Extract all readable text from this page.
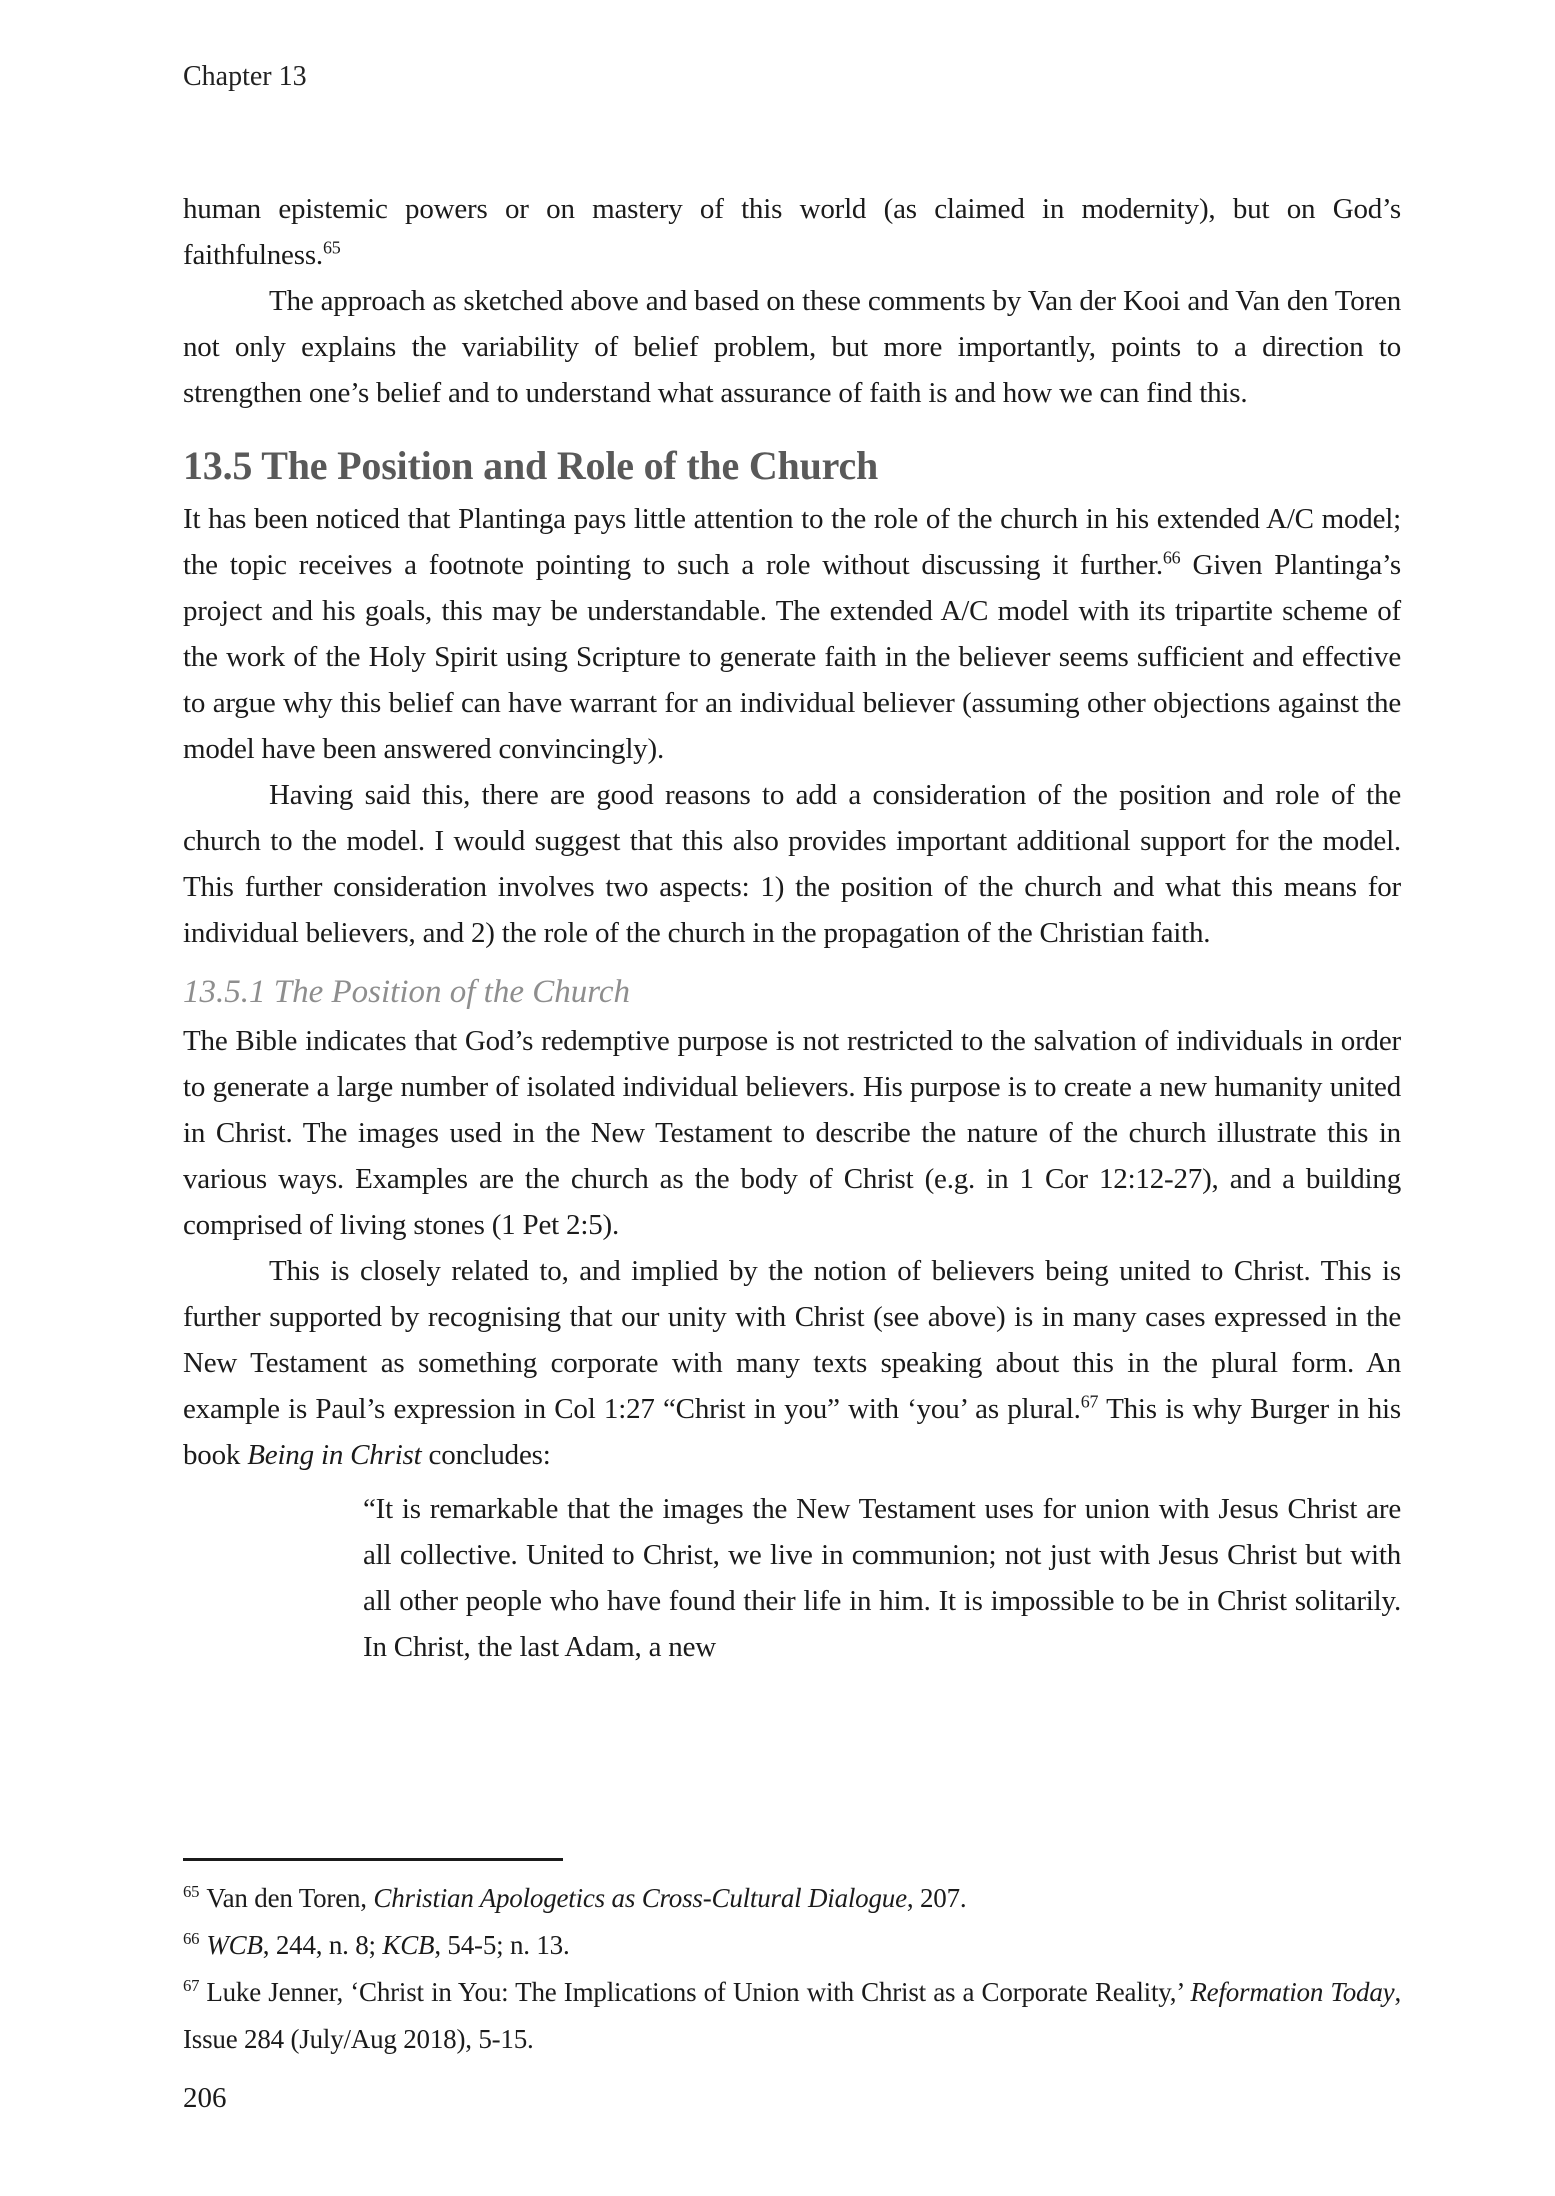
Chapter 13

human epistemic powers or on mastery of this world (as claimed in modernity), but on God’s faithfulness.$^{65}$

The approach as sketched above and based on these comments by Van der Kooi and Van den Toren not only explains the variability of belief problem, but more importantly, points to a direction to strengthen one’s belief and to understand what assurance of faith is and how we can find this.

13.5 The Position and Role of the Church

It has been noticed that Plantinga pays little attention to the role of the church in his extended A/C model; the topic receives a footnote pointing to such a role without discussing it further.$^{66}$ Given Plantinga’s project and his goals, this may be understandable. The extended A/C model with its tripartite scheme of the work of the Holy Spirit using Scripture to generate faith in the believer seems sufficient and effective to argue why this belief can have warrant for an individual believer (assuming other objections against the model have been answered convincingly).

Having said this, there are good reasons to add a consideration of the position and role of the church to the model. I would suggest that this also provides important additional support for the model. This further consideration involves two aspects: 1) the position of the church and what this means for individual believers, and 2) the role of the church in the propagation of the Christian faith.

13.5.1 The Position of the Church

The Bible indicates that God’s redemptive purpose is not restricted to the salvation of individuals in order to generate a large number of isolated individual believers. His purpose is to create a new humanity united in Christ. The images used in the New Testament to describe the nature of the church illustrate this in various ways. Examples are the church as the body of Christ (e.g. in 1 Cor 12:12-27), and a building comprised of living stones (1 Pet 2:5).

This is closely related to, and implied by the notion of believers being united to Christ. This is further supported by recognising that our unity with Christ (see above) is in many cases expressed in the New Testament as something corporate with many texts speaking about this in the plural form. An example is Paul’s expression in Col 1:27 “Christ in you” with ‘you’ as plural.$^{67}$ This is why Burger in his book Being in Christ concludes:

“It is remarkable that the images the New Testament uses for union with Jesus Christ are all collective. United to Christ, we live in communion; not just with Jesus Christ but with all other people who have found their life in him. It is impossible to be in Christ solitarily. In Christ, the last Adam, a new
$^{65}$ Van den Toren, Christian Apologetics as Cross-Cultural Dialogue, 207.
$^{66}$ WCB, 244, n. 8; KCB, 54-5; n. 13.
$^{67}$ Luke Jenner, ‘Christ in You: The Implications of Union with Christ as a Corporate Reality,’ Reformation Today, Issue 284 (July/Aug 2018), 5-15.
206
